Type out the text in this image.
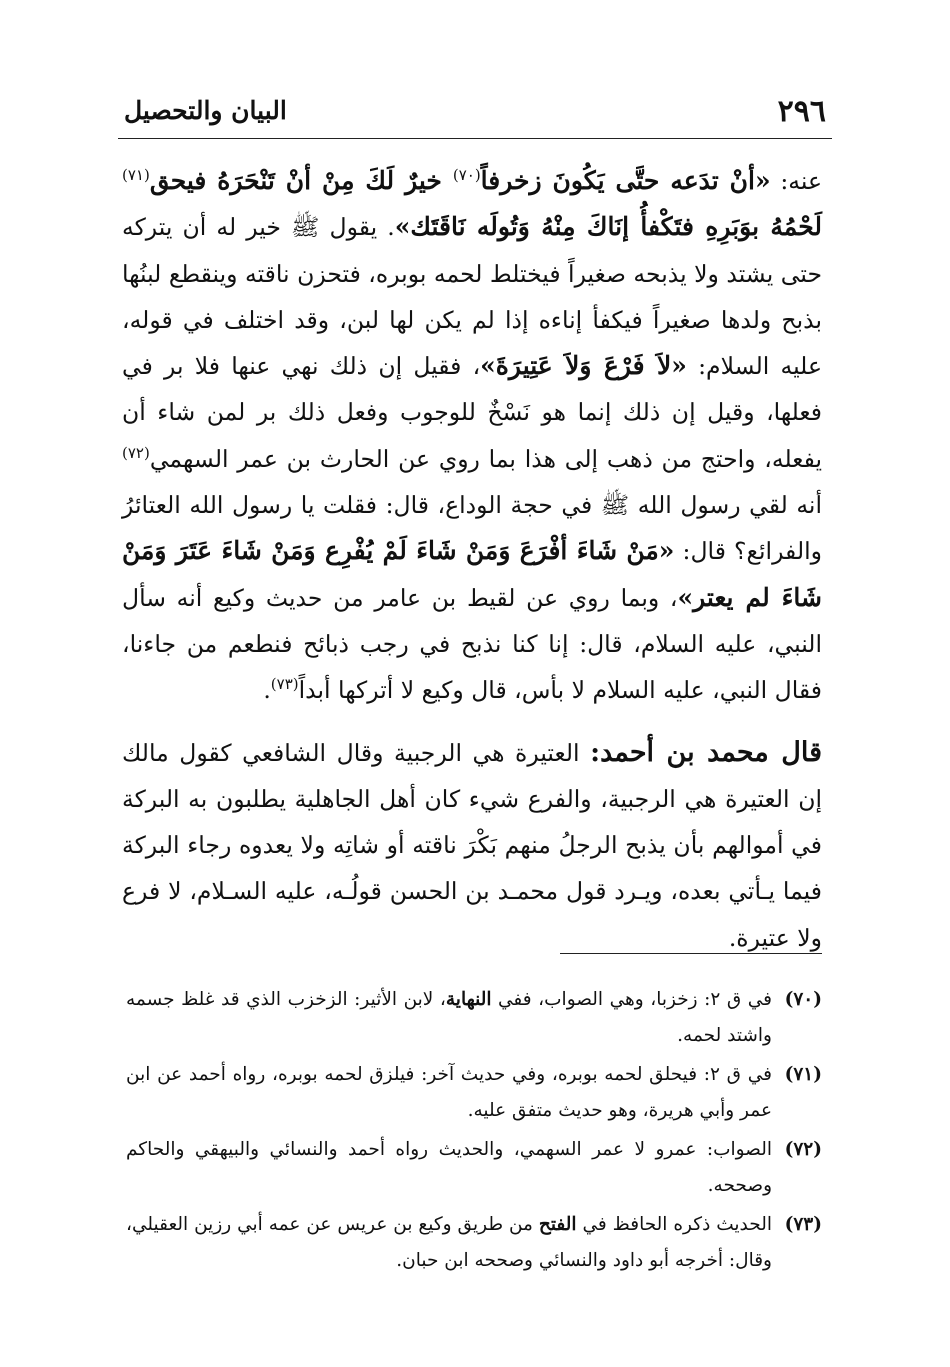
٢٩٦
البيان والتحصيل

عنه: «أنْ تدَعه حتَّى يَكُونَ زخرفاً$^{(٧٠)}$ خيرٌ لَكَ مِنْ أنْ تَنْحَرَهُ فيحق$^{(٧١)}$ لَحْمُهُ بوَبَرِهِ فتَكْفأُ إنَاكَ مِنْهُ وَتُولَه نَاقَتَك». يقول ﷺ خير له أن يتركه حتى يشتد ولا يذبحه صغيراً فيختلط لحمه بوبره، فتحزن ناقته وينقطع لبنُها بذبح ولدها صغيراً فيكفأ إناءه إذا لم يكن لها لبن، وقد اختلف في قوله، عليه السلام: «لاَ فَرْعَ وَلاَ عَتِيرَةَ»، فقيل إن ذلك نهي عنها فلا بر في فعلها، وقيل إن ذلك إنما هو نَسْخٌ للوجوب وفعل ذلك بر لمن شاء أن يفعله، واحتج من ذهب إلى هذا بما روي عن الحارث بن عمر السهمي$^{(٧٢)}$ أنه لقي رسول الله ﷺ في حجة الوداع، قال: فقلت يا رسول الله العتائرُ والفرائع؟ قال: «مَنْ شَاءَ أفْرَعَ وَمَنْ شَاءَ لَمْ يُفْرِع وَمَنْ شَاءَ عَتَرَ وَمَنْ شَاءَ لم يعتر»، وبما روي عن لقيط بن عامر من حديث وكيع أنه سأل النبي، عليه السلام، قال: إنا كنا نذبح في رجب ذبائح فنطعم من جاءنا، فقال النبي، عليه السلام لا بأس، قال وكيع لا أتركها أبداً$^{(٧٣)}$.

قال محمد بن أحمد: العتيرة هي الرجبية وقال الشافعي كقول مالك إن العتيرة هي الرجبية، والفرع شيء كان أهل الجاهلية يطلبون به البركة في أموالهم بأن يذبح الرجلُ منهم بَكْرَ ناقته أو شاتِه ولا يعدوه رجاء البركة فيما يـأتي بعده، ويـرد قول محمـد بن الحسن قولُـه، عليه السـلام، لا فرع ولا عتيرة.

(٧٠)
في ق ٢: زخزبا، وهي الصواب، ففي النهاية، لابن الأثير: الزخزب الذي قد غلظ جسمه واشتد لحمه.
(٧١)
في ق ٢: فيحلق لحمه بوبره، وفي حديث آخر: فيلزق لحمه بوبره، رواه أحمد عن ابن عمر وأبي هريرة، وهو حديث متفق عليه.
(٧٢)
الصواب: عمرو لا عمر السهمي، والحديث رواه أحمد والنسائي والبيهقي والحاكم وصححه.
(٧٣)
الحديث ذكره الحافظ في الفتح من طريق وكيع بن عريس عن عمه أبي رزين العقيلي، وقال: أخرجه أبو داود والنسائي وصححه ابن حبان.
